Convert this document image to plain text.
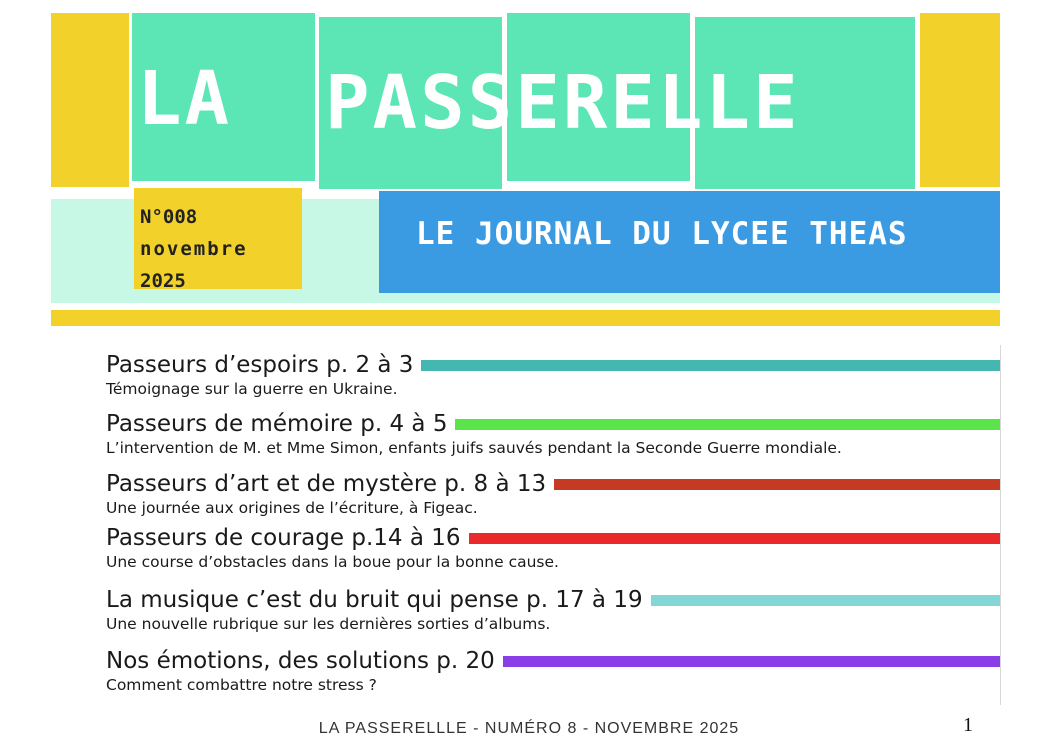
LA PASSERELLE
LE JOURNAL DU LYCEE THEAS
N°008
novembre
2025
Passeurs d’espoirs p. 2 à 3
Témoignage sur la guerre en Ukraine.
Passeurs de mémoire p. 4 à 5
L’intervention de M. et Mme Simon, enfants juifs sauvés pendant la Seconde Guerre mondiale.
Passeurs d’art et de mystère p. 8 à 13
Une journée aux origines de l’écriture, à Figeac.
Passeurs de courage p.14 à 16
Une course d’obstacles dans la boue pour la bonne cause.
La musique c’est du bruit qui pense p. 17 à 19
Une nouvelle rubrique sur les dernières sorties d’albums.
Nos émotions, des solutions p. 20
Comment combattre notre stress ?
LA PASSERELLLE - NUMÉRO 8 - NOVEMBRE 2025	1
